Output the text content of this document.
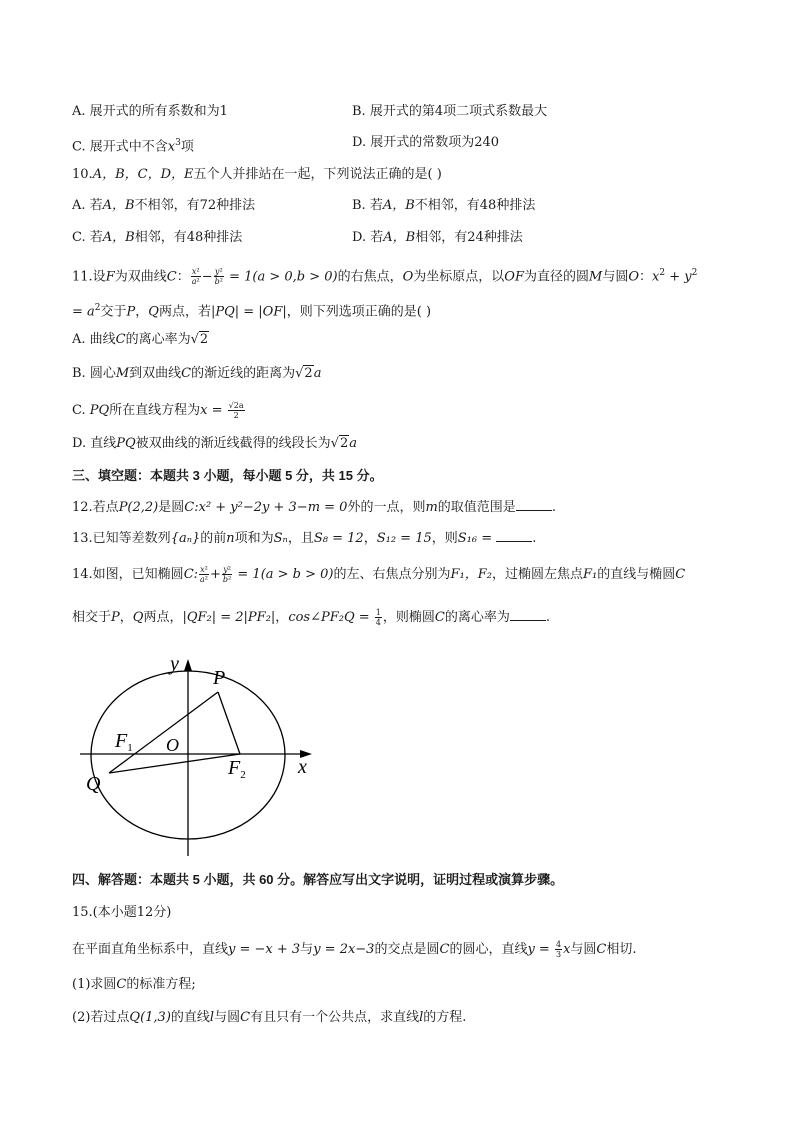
A. 展开式的所有系数和为1	B. 展开式的第4项二项式系数最大
C. 展开式中不含$x^3$项	D. 展开式的常数项为240
10.A，B，C，D，E五个人并排站在一起，下列说法正确的是( )
A. 若A，B不相邻，有72种排法	B. 若A，B不相邻，有48种排法
C. 若A，B相邻，有48种排法	D. 若A，B相邻，有24种排法
11.设F为双曲线C： $\frac{\text{x²}}{\text{a²}} - \frac{\text{y²}}{\text{b²}} = 1(a > 0,b > 0)$的右焦点，O为坐标原点，以OF为直径的圆M与圆O：$x^2 + y^2$
= $a^2$交于P，Q两点，若|PQ| = |OF|，则下列选项正确的是( )
A. 曲线C的离心率为√2
B. 圆心M到双曲线C的渐近线的距离为√2a
C. PQ所在直线方程为$x = \frac{√2a}{2}$
D. 直线PQ被双曲线的渐近线截得的线段长为√2a
三、填空题：本题共 3 小题，每小题 5 分，共 15 分。
12.若点P(2,2)是圆C:x² + y²−2y + 3−m = 0外的一点，则m的取值范围是	.
13.已知等差数列{aₙ}的前n项和为Sₙ，且S₈ = 12，S₁₂ = 15，则S₁₆ =	.
14.如图，已知椭圆C: $\frac{\text{x²}}{\text{a²}} + \frac{\text{y²}}{\text{b²}} = 1(a > b > 0)$的左、右焦点分别为F₁，F₂，过椭圆左焦点F₁的直线与椭圆C
相交于P，Q两点，|QF₂| = 2|PF₂|，cos∠PF₂Q = $\frac{1}{4}$ ，则椭圆C的离心率为	.
y
P
$F_1$ O
$F_2$	x
Q
四、解答题：本题共 5 小题，共 60 分。解答应写出文字说明，证明过程或演算步骤。
15.(本小题12分)
在平面直角坐标系中，直线y = −x + 3与y = 2x−3的交点是圆C的圆心，直线$y = \frac{4}{3}$ x与圆C相切.
(1)求圆C的标准方程;
(2)若过点Q(1,3)的直线l与圆C有且只有一个公共点，求直线l的方程.
